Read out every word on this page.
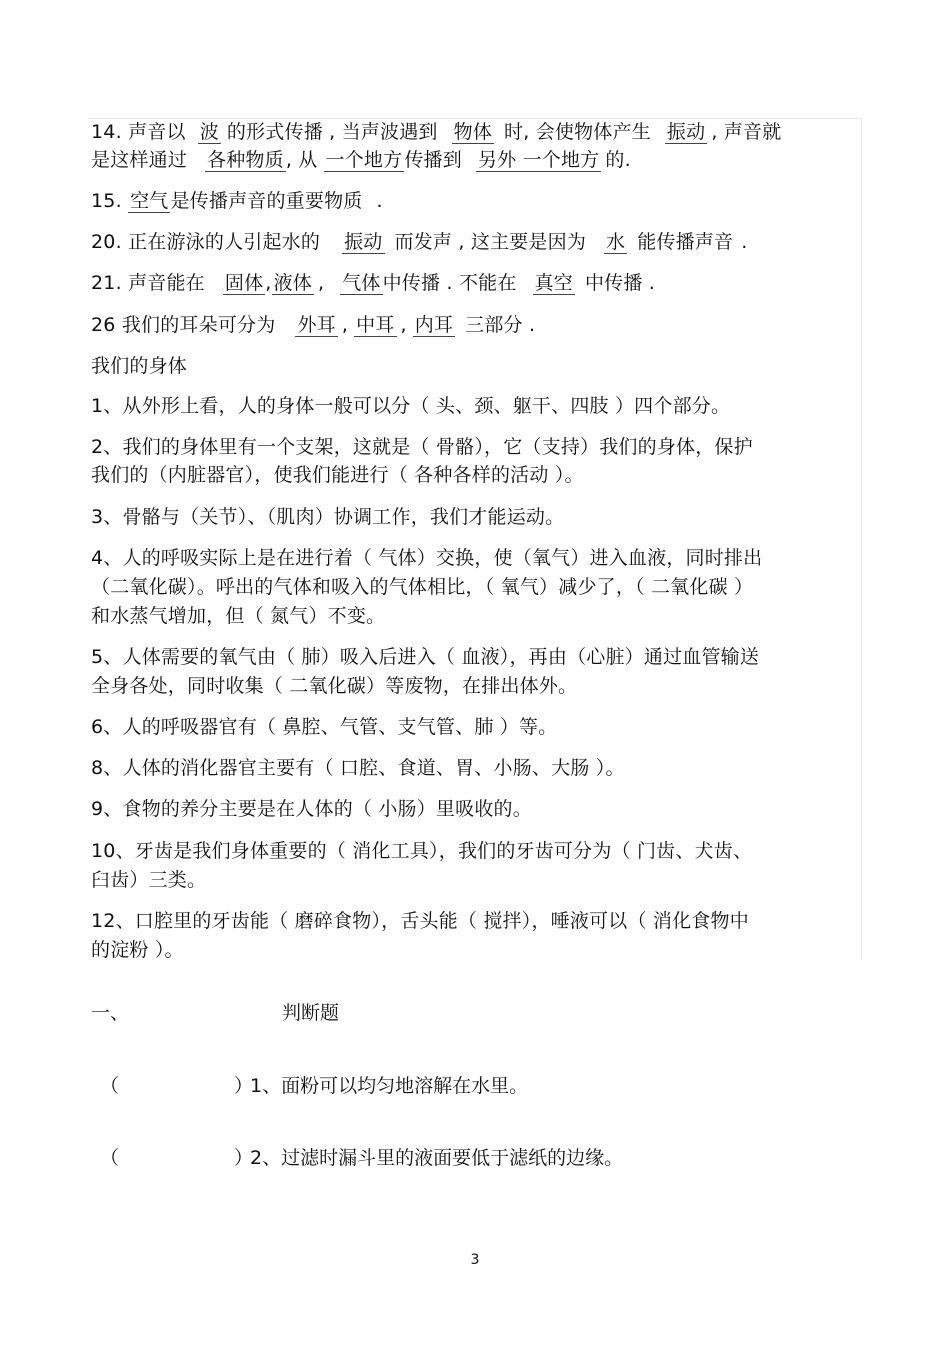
14. 声音以 波 的形式传播 , 当声波遇到 物体 时, 会使物体产生 振动 , 声音就
是这样通过 各种物质 , 从 一个地方 传播到 另外 一个地方 的.
15. 空气 是传播声音的重要物质 .
20. 正在游泳的人引起水的 振动 而发声 , 这主要是因为 水 能传播声音 .
21. 声音能在 固体 , 液体 , 气体 中传播 . 不能在 真空 中传播 .
26 我们的耳朵可分为 外耳 , 中耳 , 内耳 三部分 .
我们的身体
1、从外形上看，人的身体一般可以分（ 头、颈、躯干、四肢 ）四个部分。
2、我们的身体里有一个支架，这就是（ 骨骼），它（支持）我们的身体，保护
我们的（内脏器官），使我们能进行（ 各种各样的活动 ）。
3、骨骼与（关节）、（肌肉）协调工作，我们才能运动。
4、人的呼吸实际上是在进行着（ 气体）交换，使（氧气）进入血液，同时排出
（二氧化碳）。呼出的气体和吸入的气体相比，（ 氧气）减少了，（ 二氧化碳 ）
和水蒸气增加，但（ 氮气）不变。
5、人体需要的氧气由（ 肺）吸入后进入（ 血液），再由（心脏）通过血管输送
全身各处，同时收集（ 二氧化碳）等废物，在排出体外。
6、人的呼吸器官有（ 鼻腔、气管、支气管、肺 ）等。
8、人体的消化器官主要有（ 口腔、食道、胃、小肠、大肠 ）。
9、食物的养分主要是在人体的（ 小肠）里吸收的。
10、牙齿是我们身体重要的（ 消化工具），我们的牙齿可分为（ 门齿、犬齿、
臼齿）三类。
12、口腔里的牙齿能（ 磨碎食物），舌头能（ 搅拌），唾液可以（ 消化食物中
的淀粉 ）。
一、	判断题
（	）
1、面粉可以均匀地溶解在水里。
（	）
2、过滤时漏斗里的液面要低于滤纸的边缘。
3
